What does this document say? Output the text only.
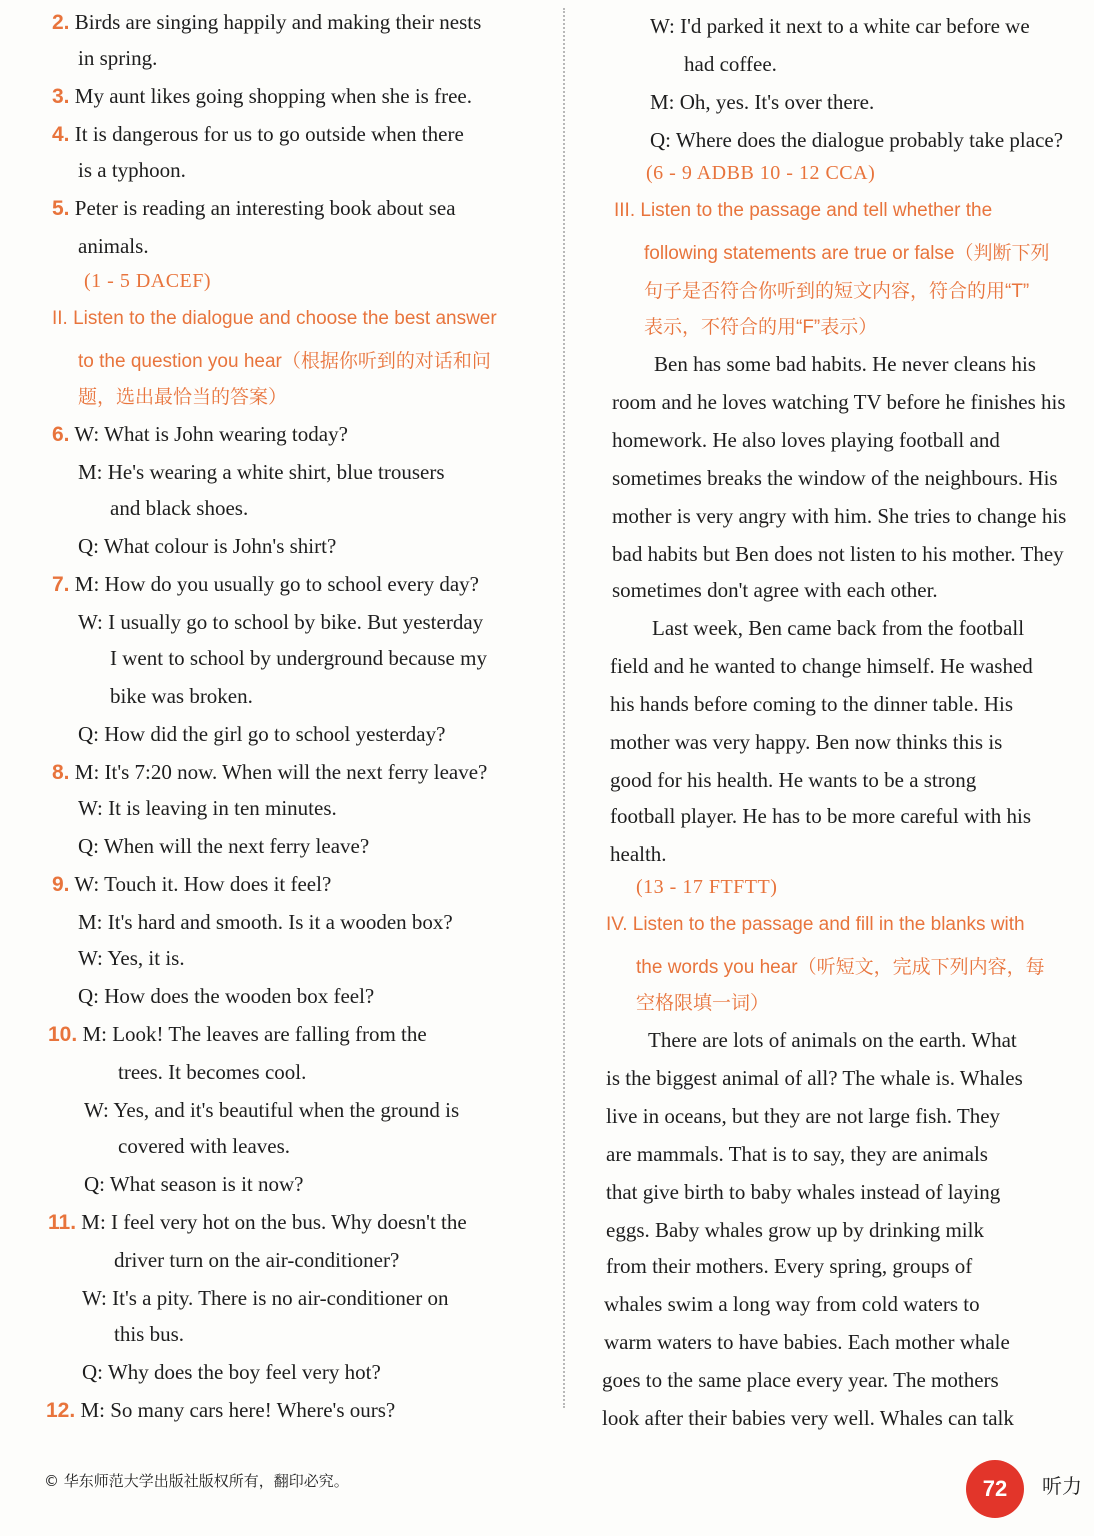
2. Birds are singing happily and making their nests
in spring.
3. My aunt likes going shopping when she is free.
4. It is dangerous for us to go outside when there
is a typhoon.
5. Peter is reading an interesting book about sea
animals.
6. W: What is John wearing today?
M: He's wearing a white shirt, blue trousers
and black shoes.
Q: What colour is John's shirt?
7. M: How do you usually go to school every day?
W: I usually go to school by bike. But yesterday
I went to school by underground because my
bike was broken.
Q: How did the girl go to school yesterday?
8. M: It's 7:20 now. When will the next ferry leave?
W: It is leaving in ten minutes.
Q: When will the next ferry leave?
9. W: Touch it. How does it feel?
M: It's hard and smooth. Is it a wooden box?
W: Yes, it is.
Q: How does the wooden box feel?
10. M: Look! The leaves are falling from the
trees. It becomes cool.
W: Yes, and it's beautiful when the ground is
covered with leaves.
Q: What season is it now?
11. M: I feel very hot on the bus. Why doesn't the
driver turn on the air-conditioner?
W: It's a pity. There is no air-conditioner on
this bus.
Q: Why does the boy feel very hot?
12. M: So many cars here! Where's ours?
(1 - 5 DACEF)
II. Listen to the dialogue and choose the best answer
to the question you hear（根据你听到的对话和问
题，选出最恰当的答案）
W: I'd parked it next to a white car before we
had coffee.
M: Oh, yes. It's over there.
Q: Where does the dialogue probably take place?
Ben has some bad habits. He never cleans his
room and he loves watching TV before he finishes his
homework. He also loves playing football and
sometimes breaks the window of the neighbours. His
mother is very angry with him. She tries to change his
bad habits but Ben does not listen to his mother. They
sometimes don't agree with each other.
Last week, Ben came back from the football
field and he wanted to change himself. He washed
his hands before coming to the dinner table. His
mother was very happy. Ben now thinks this is
good for his health. He wants to be a strong
football player. He has to be more careful with his
health.
There are lots of animals on the earth. What
is the biggest animal of all? The whale is. Whales
live in oceans, but they are not large fish. They
are mammals. That is to say, they are animals
that give birth to baby whales instead of laying
eggs. Baby whales grow up by drinking milk
from their mothers. Every spring, groups of
whales swim a long way from cold waters to
warm waters to have babies. Each mother whale
goes to the same place every year. The mothers
look after their babies very well. Whales can talk
(6 - 9 ADBB 10 - 12 CCA)
(13 - 17 FTFTT)
III. Listen to the passage and tell whether the
following statements are true or false（判断下列
句子是否符合你听到的短文内容，符合的用“T”
表示，不符合的用“F”表示）
IV. Listen to the passage and fill in the blanks with
the words you hear（听短文，完成下列内容，每
空格限填一词）
© 华东师范大学出版社版权所有，翻印必究。	72	听力
